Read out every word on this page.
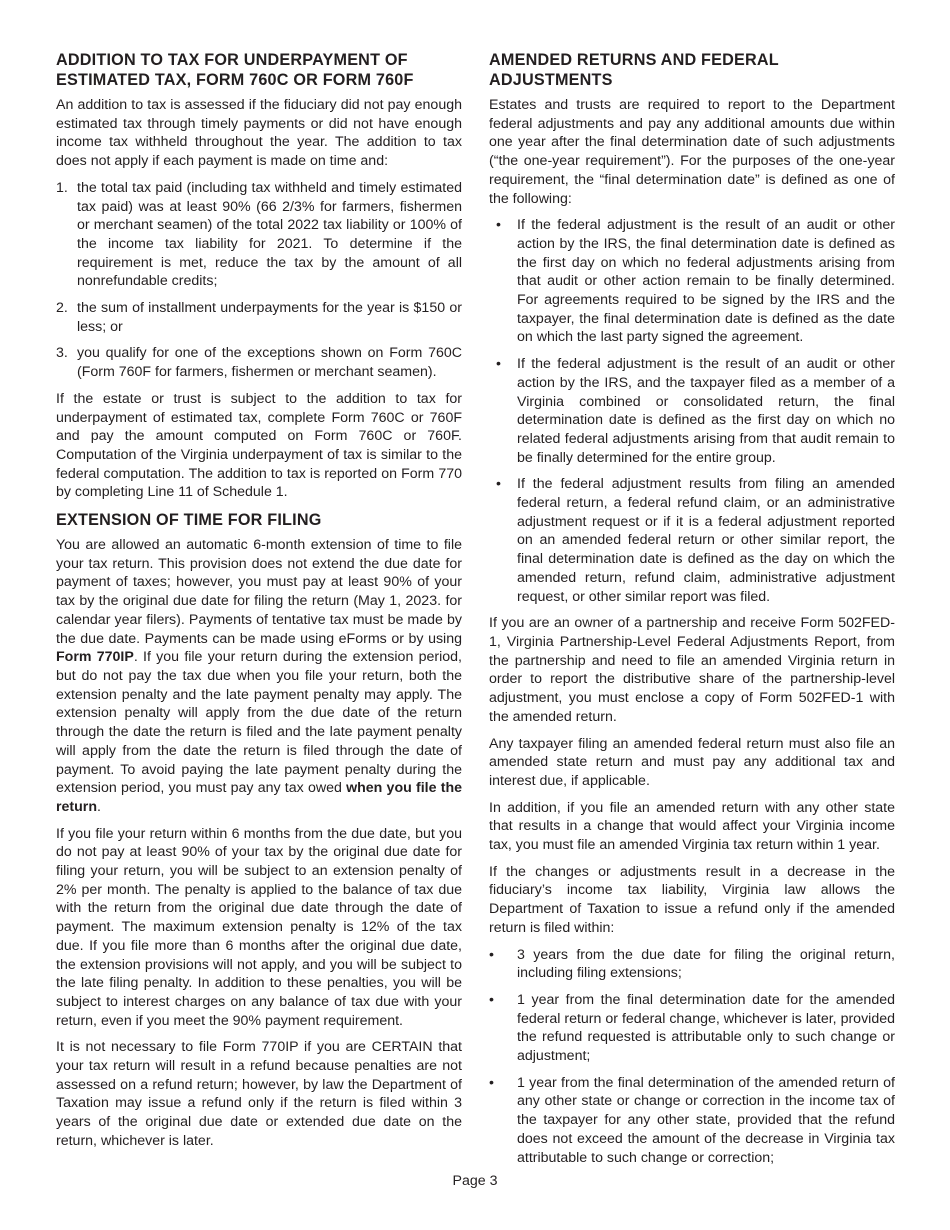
ADDITION TO TAX FOR UNDERPAYMENT OF ESTIMATED TAX, FORM 760C OR FORM 760F

An addition to tax is assessed if the fiduciary did not pay enough estimated tax through timely payments or did not have enough income tax withheld throughout the year. The addition to tax does not apply if each payment is made on time and:

1. the total tax paid (including tax withheld and timely estimated tax paid) was at least 90% (66 2/3% for farmers, fishermen or merchant seamen) of the total 2022 tax liability or 100% of the income tax liability for 2021. To determine if the requirement is met, reduce the tax by the amount of all nonrefundable credits;
2. the sum of installment underpayments for the year is $150 or less; or
3. you qualify for one of the exceptions shown on Form 760C (Form 760F for farmers, fishermen or merchant seamen).

If the estate or trust is subject to the addition to tax for underpayment of estimated tax, complete Form 760C or 760F and pay the amount computed on Form 760C or 760F. Computation of the Virginia underpayment of tax is similar to the federal computation. The addition to tax is reported on Form 770 by completing Line 11 of Schedule 1.

EXTENSION OF TIME FOR FILING

You are allowed an automatic 6-month extension of time to file your tax return. This provision does not extend the due date for payment of taxes; however, you must pay at least 90% of your tax by the original due date for filing the return (May 1, 2023. for calendar year filers). Payments of tentative tax must be made by the due date. Payments can be made using eForms or by using Form 770IP. If you file your return during the extension period, but do not pay the tax due when you file your return, both the extension penalty and the late payment penalty may apply. The extension penalty will apply from the due date of the return through the date the return is filed and the late payment penalty will apply from the date the return is filed through the date of payment. To avoid paying the late payment penalty during the extension period, you must pay any tax owed when you file the return.

If you file your return within 6 months from the due date, but you do not pay at least 90% of your tax by the original due date for filing your return, you will be subject to an extension penalty of 2% per month. The penalty is applied to the balance of tax due with the return from the original due date through the date of payment. The maximum extension penalty is 12% of the tax due. If you file more than 6 months after the original due date, the extension provisions will not apply, and you will be subject to the late filing penalty. In addition to these penalties, you will be subject to interest charges on any balance of tax due with your return, even if you meet the 90% payment requirement.

It is not necessary to file Form 770IP if you are CERTAIN that your tax return will result in a refund because penalties are not assessed on a refund return; however, by law the Department of Taxation may issue a refund only if the return is filed within 3 years of the original due date or extended due date on the return, whichever is later.

AMENDED RETURNS AND FEDERAL ADJUSTMENTS

Estates and trusts are required to report to the Department federal adjustments and pay any additional amounts due within one year after the final determination date of such adjustments (“the one-year requirement”). For the purposes of the one-year requirement, the “final determination date” is defined as one of the following:

• If the federal adjustment is the result of an audit or other action by the IRS, the final determination date is defined as the first day on which no federal adjustments arising from that audit or other action remain to be finally determined. For agreements required to be signed by the IRS and the taxpayer, the final determination date is defined as the date on which the last party signed the agreement.
• If the federal adjustment is the result of an audit or other action by the IRS, and the taxpayer filed as a member of a Virginia combined or consolidated return, the final determination date is defined as the first day on which no related federal adjustments arising from that audit remain to be finally determined for the entire group.
• If the federal adjustment results from filing an amended federal return, a federal refund claim, or an administrative adjustment request or if it is a federal adjustment reported on an amended federal return or other similar report, the final determination date is defined as the day on which the amended return, refund claim, administrative adjustment request, or other similar report was filed.

If you are an owner of a partnership and receive Form 502FED-1, Virginia Partnership-Level Federal Adjustments Report, from the partnership and need to file an amended Virginia return in order to report the distributive share of the partnership-level adjustment, you must enclose a copy of Form 502FED-1 with the amended return.

Any taxpayer filing an amended federal return must also file an amended state return and must pay any additional tax and interest due, if applicable.

In addition, if you file an amended return with any other state that results in a change that would affect your Virginia income tax, you must file an amended Virginia tax return within 1 year.

If the changes or adjustments result in a decrease in the fiduciary’s income tax liability, Virginia law allows the Department of Taxation to issue a refund only if the amended return is filed within:

• 3 years from the due date for filing the original return, including filing extensions;
• 1 year from the final determination date for the amended federal return or federal change, whichever is later, provided the refund requested is attributable only to such change or adjustment;
• 1 year from the final determination of the amended return of any other state or change or correction in the income tax of the taxpayer for any other state, provided that the refund does not exceed the amount of the decrease in Virginia tax attributable to such change or correction;
Page 3
